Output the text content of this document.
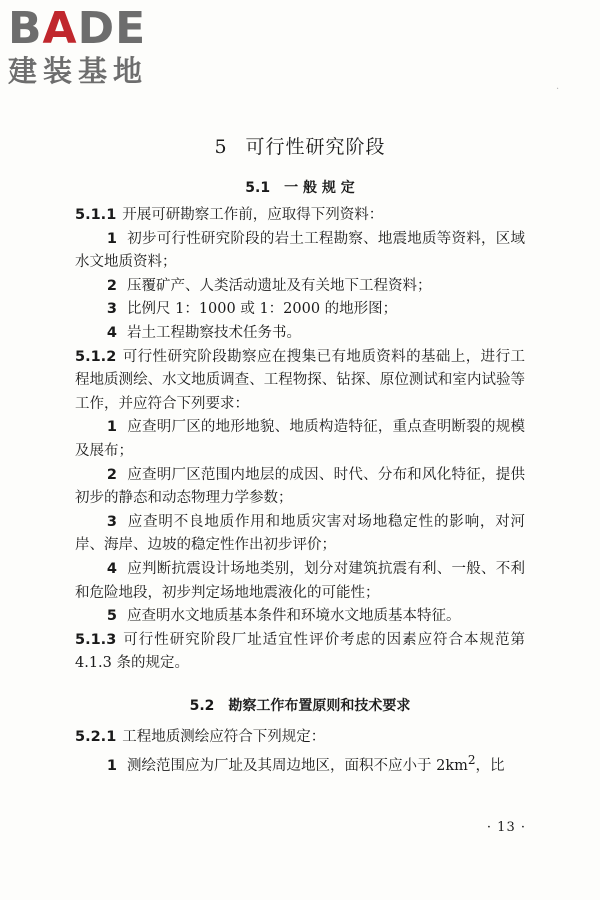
BADE
建装基地
·
5 可行性研究阶段
5.1 一 般 规 定

5.1.1 开展可研勘察工作前，应取得下列资料：

1 初步可行性研究阶段的岩土工程勘察、地震地质等资料，区域水文地质资料；

2 压覆矿产、人类活动遗址及有关地下工程资料；

3 比例尺 1：1000 或 1：2000 的地形图；

4 岩土工程勘察技术任务书。

5.1.2 可行性研究阶段勘察应在搜集已有地质资料的基础上，进行工程地质测绘、水文地质调查、工程物探、钻探、原位测试和室内试验等工作，并应符合下列要求：

1 应查明厂区的地形地貌、地质构造特征，重点查明断裂的规模及展布；

2 应查明厂区范围内地层的成因、时代、分布和风化特征，提供初步的静态和动态物理力学参数；

3 应查明不良地质作用和地质灾害对场地稳定性的影响，对河岸、海岸、边坡的稳定性作出初步评价；

4 应判断抗震设计场地类别，划分对建筑抗震有利、一般、不利和危险地段，初步判定场地地震液化的可能性；

5 应查明水文地质基本条件和环境水文地质基本特征。

5.1.3 可行性研究阶段厂址适宜性评价考虑的因素应符合本规范第 4.1.3 条的规定。

5.2 勘察工作布置原则和技术要求

5.2.1 工程地质测绘应符合下列规定：

1 测绘范围应为厂址及其周边地区，面积不应小于 $2km^2$，比

· 13 ·
